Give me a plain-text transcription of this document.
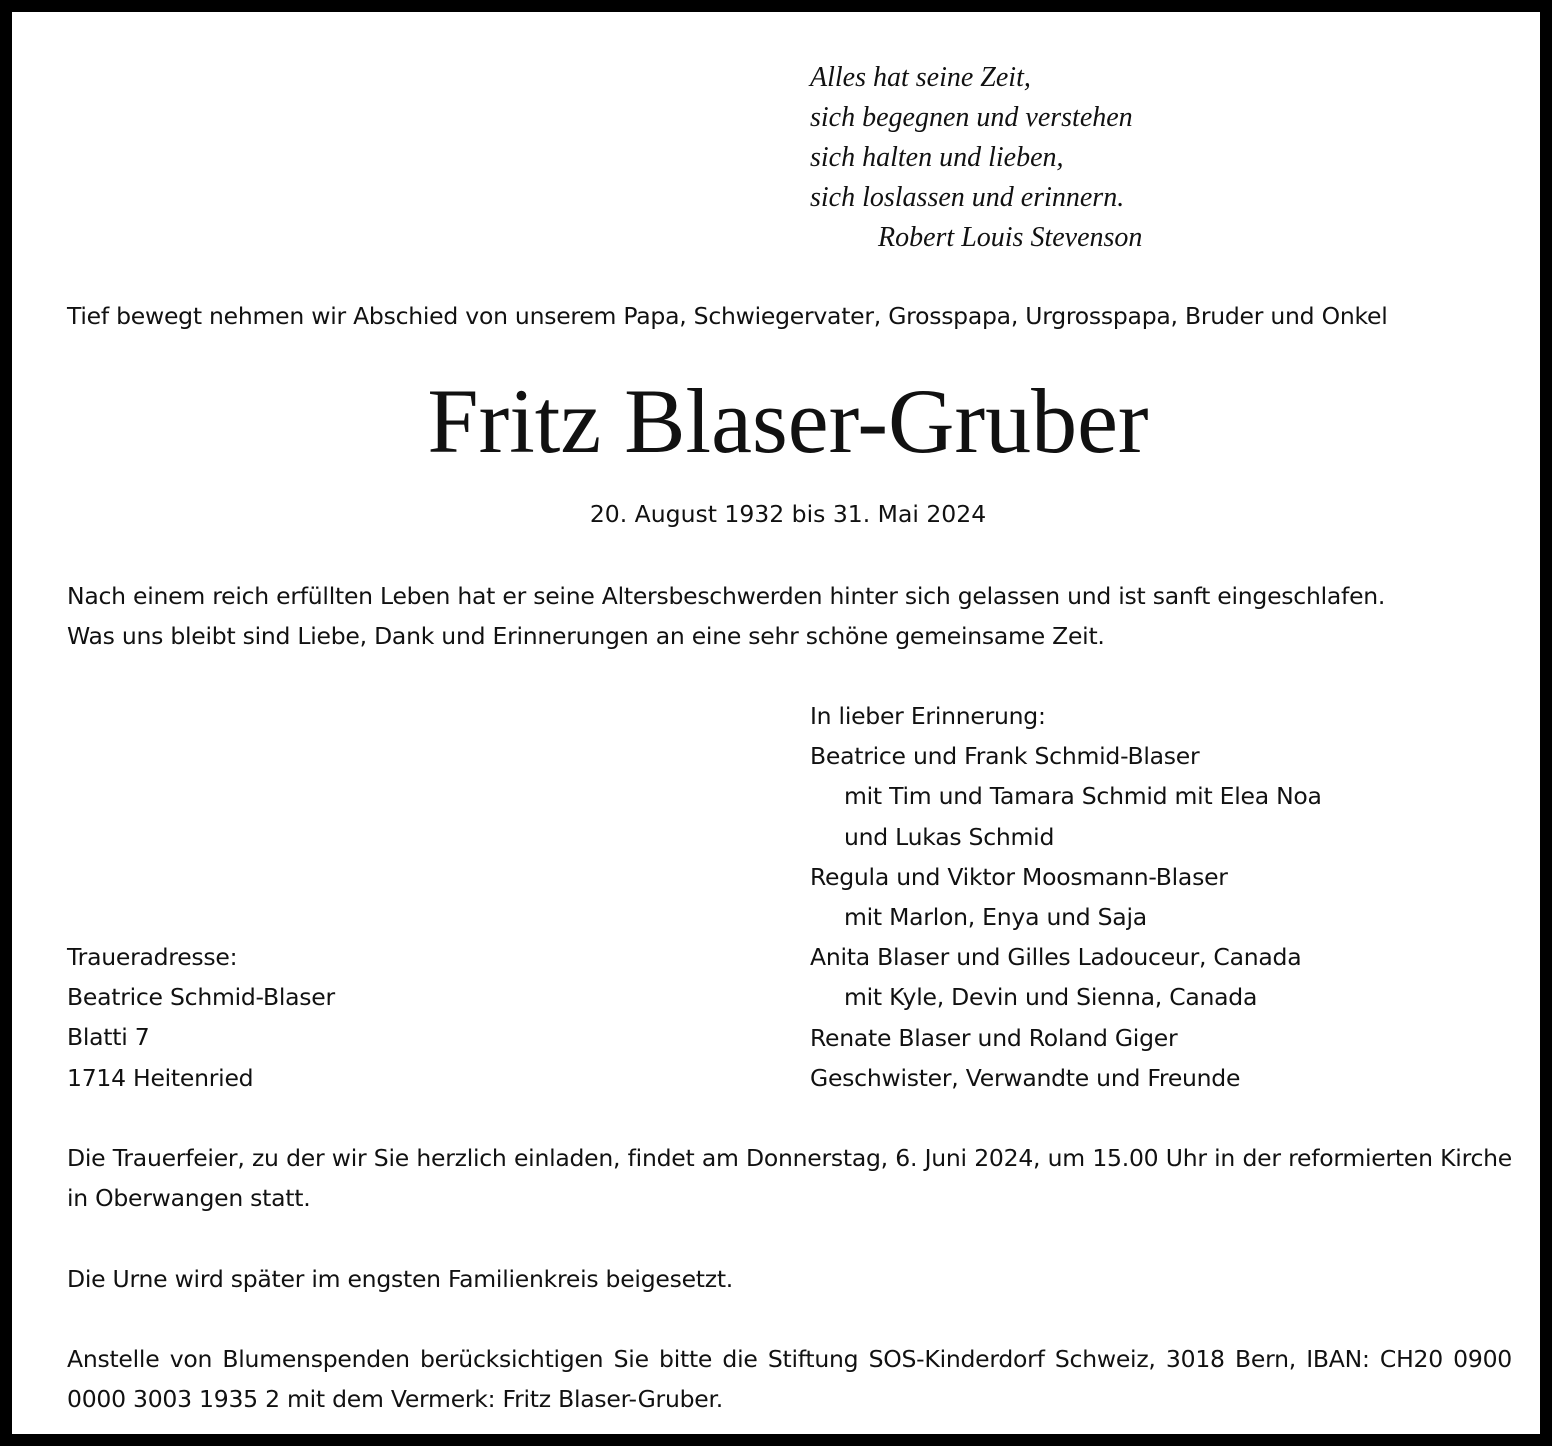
Alles hat seine Zeit,
sich begegnen und verstehen
sich halten und lieben,
sich loslassen und erinnern.
Robert Louis Stevenson
Tief bewegt nehmen wir Abschied von unserem Papa, Schwiegervater, Grosspapa, Urgrosspapa, Bruder und Onkel
Fritz Blaser-Gruber
20. August 1932 bis 31. Mai 2024
Nach einem reich erfüllten Leben hat er seine Altersbeschwerden hinter sich gelassen und ist sanft eingeschlafen.
Was uns bleibt sind Liebe, Dank und Erinnerungen an eine sehr schöne gemeinsame Zeit.
In lieber Erinnerung:
Beatrice und Frank Schmid-Blaser
mit Tim und Tamara Schmid mit Elea Noa
und Lukas Schmid
Regula und Viktor Moosmann-Blaser
mit Marlon, Enya und Saja
Anita Blaser und Gilles Ladouceur, Canada
mit Kyle, Devin und Sienna, Canada
Renate Blaser und Roland Giger
Geschwister, Verwandte und Freunde
Traueradresse:
Beatrice Schmid-Blaser
Blatti 7
1714 Heitenried
Die Trauerfeier, zu der wir Sie herzlich einladen, findet am Donnerstag, 6. Juni 2024, um 15.00 Uhr in der reformierten Kirche in Oberwangen statt.
Die Urne wird später im engsten Familienkreis beigesetzt.
Anstelle von Blumenspenden berücksichtigen Sie bitte die Stiftung SOS-Kinderdorf Schweiz, 3018 Bern, IBAN: CH20 0900 0000 3003 1935 2 mit dem Vermerk: Fritz Blaser-Gruber.
